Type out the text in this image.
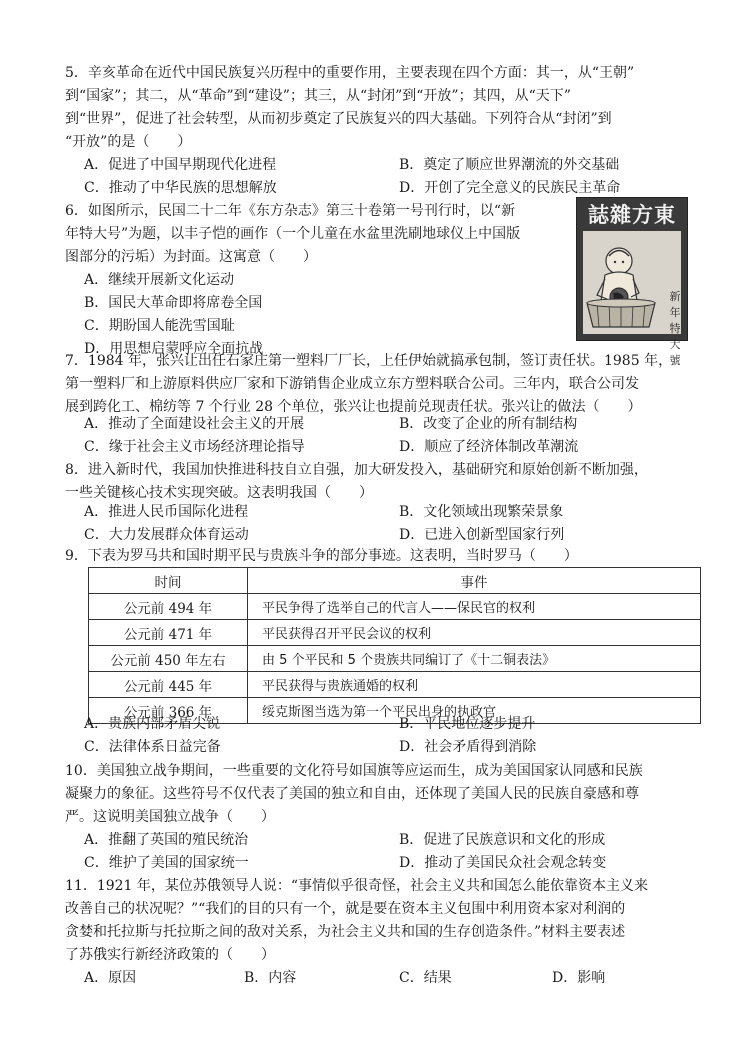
5．辛亥革命在近代中国民族复兴历程中的重要作用，主要表现在四个方面：其一，从“王朝”
到“国家”；其二，从“革命”到“建设”；其三，从“封闭”到“开放”；其四，从“天下”
到“世界”，促进了社会转型，从而初步奠定了民族复兴的四大基础。下列符合从“封闭”到
“开放”的是（　　）
A．促进了中国早期现代化进程	B．奠定了顺应世界潮流的外交基础
C．推动了中华民族的思想解放	D．开创了完全意义的民族民主革命
6．如图所示，民国二十二年《东方杂志》第三十卷第一号刊行时，以“新
年特大号”为题，以丰子恺的画作（一个儿童在水盆里洗刷地球仪上中国版
图部分的污垢）为封面。这寓意（　　）
A．继续开展新文化运动
B．国民大革命即将席卷全国
C．期盼国人能洗雪国耻
D．用思想启蒙呼应全面抗战
誌雜方東
新年特大號
7．1984 年，张兴让出任石家庄第一塑料厂厂长，上任伊始就搞承包制，签订责任状。1985 年，
第一塑料厂和上游原料供应厂家和下游销售企业成立东方塑料联合公司。三年内，联合公司发
展到跨化工、棉纺等 7 个行业 28 个单位，张兴让也提前兑现责任状。张兴让的做法（　　）
A．推动了全面建设社会主义的开展	B．改变了企业的所有制结构
C．缘于社会主义市场经济理论指导	D．顺应了经济体制改革潮流
8．进入新时代，我国加快推进科技自立自强，加大研发投入，基础研究和原始创新不断加强，
一些关键核心技术实现突破。这表明我国（　　）
A．推进人民币国际化进程	B．文化领域出现繁荣景象
C．大力发展群众体育运动	D．已进入创新型国家行列
9．下表为罗马共和国时期平民与贵族斗争的部分事迹。这表明，当时罗马（　　）
时间	事件
公元前 494 年	平民争得了选举自己的代言人——保民官的权利
公元前 471 年	平民获得召开平民会议的权利
公元前 450 年左右	由 5 个平民和 5 个贵族共同编订了《十二铜表法》
公元前 445 年	平民获得与贵族通婚的权利
公元前 366 年	绥克斯图当选为第一个平民出身的执政官
A．贵族内部矛盾尖锐	B．平民地位逐步提升
C．法律体系日益完备	D．社会矛盾得到消除
10．美国独立战争期间，一些重要的文化符号如国旗等应运而生，成为美国国家认同感和民族
凝聚力的象征。这些符号不仅代表了美国的独立和自由，还体现了美国人民的民族自豪感和尊
严。这说明美国独立战争（　　）
A．推翻了英国的殖民统治	B．促进了民族意识和文化的形成
C．维护了美国的国家统一	D．推动了美国民众社会观念转变
11．1921 年，某位苏俄领导人说：“事情似乎很奇怪，社会主义共和国怎么能依靠资本主义来
改善自己的状况呢？”“我们的目的只有一个，就是要在资本主义包围中利用资本家对利润的
贪婪和托拉斯与托拉斯之间的敌对关系，为社会主义共和国的生存创造条件。”材料主要表述
了苏俄实行新经济政策的（　　）
A．原因	B．内容	C．结果	D．影响
